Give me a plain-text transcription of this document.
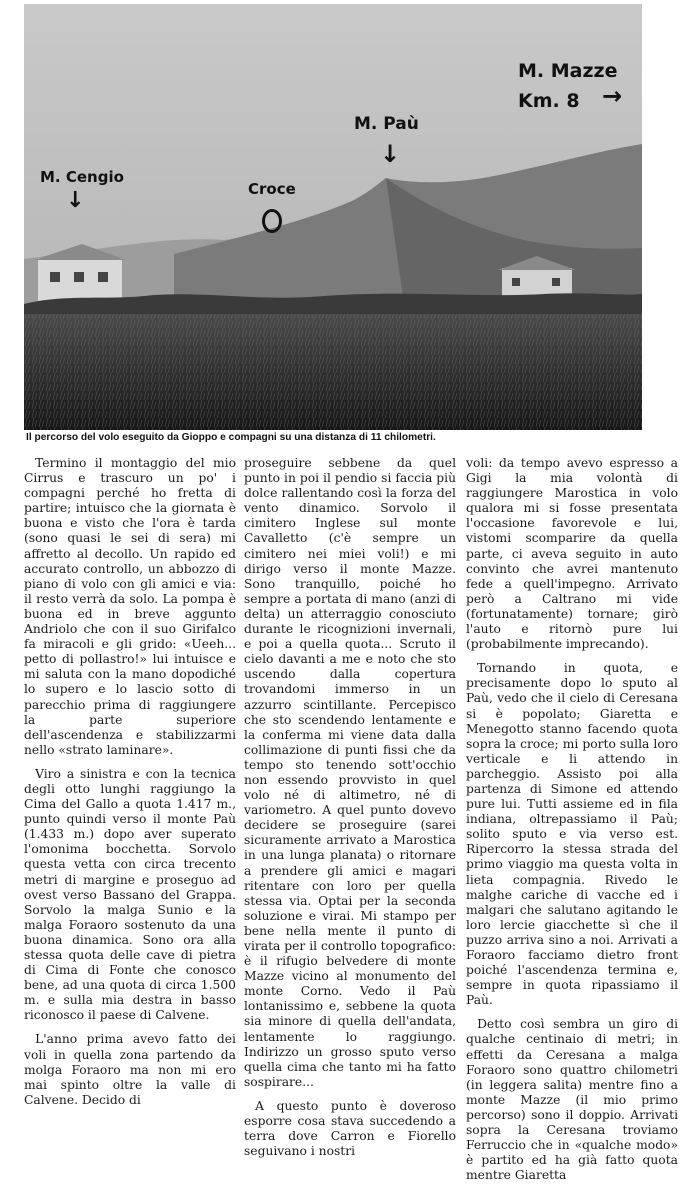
M. Cengio
↓	Croce
M. Paù
↓
M. Mazze
Km. 8 →
Il percorso del volo eseguito da Gioppo e compagni su una distanza di 11 chilometri.

Termino il montaggio del mio Cirrus e trascuro un po' i compagni perché ho fretta di partire; intuisco che la giornata è buona e visto che l'ora è tarda (sono quasi le sei di sera) mi affretto al decollo. Un rapido ed accurato controllo, un abbozzo di piano di volo con gli amici e via: il resto verrà da solo. La pompa è buona ed in breve aggunto Andriolo che con il suo Girifalco fa miracoli e gli grido: «Ueeh... petto di pollastro!» lui intuisce e mi saluta con la mano dopodiché lo supero e lo lascio sotto di parecchio prima di raggiungere la parte superiore dell'ascendenza e stabilizzarmi nello «strato laminare».

Viro a sinistra e con la tecnica degli otto lunghi raggiungo la Cima del Gallo a quota 1.417 m., punto quindi verso il monte Paù (1.433 m.) dopo aver superato l'omonima bocchetta. Sorvolo questa vetta con circa trecento metri di margine e proseguo ad ovest verso Bassano del Grappa. Sorvolo la malga Sunio e la malga Foraoro sostenuto da una buona dinamica. Sono ora alla stessa quota delle cave di pietra di Cima di Fonte che conosco bene, ad una quota di circa 1.500 m. e sulla mia destra in basso riconosco il paese di Calvene.

L'anno prima avevo fatto dei voli in quella zona partendo da molga Foraoro ma non mi ero mai spinto oltre la valle di Calvene. Decido di

proseguire sebbene da quel punto in poi il pendio si faccia più dolce rallentando così la forza del vento dinamico. Sorvolo il cimitero Inglese sul monte Cavalletto (c'è sempre un cimitero nei miei voli!) e mi dirigo verso il monte Mazze. Sono tranquillo, poiché ho sempre a portata di mano (anzi di delta) un atterraggio conosciuto durante le ricognizioni invernali, e poi a quella quota... Scruto il cielo davanti a me e noto che sto uscendo dalla copertura trovandomi immerso in un azzurro scintillante. Percepisco che sto scendendo lentamente e la conferma mi viene data dalla collimazione di punti fissi che da tempo sto tenendo sott'occhio non essendo provvisto in quel volo né di altimetro, né di variometro. A quel punto dovevo decidere se proseguire (sarei sicuramente arrivato a Marostica in una lunga planata) o ritornare a prendere gli amici e magari ritentare con loro per quella stessa via. Optai per la seconda soluzione e virai. Mi stampo per bene nella mente il punto di virata per il controllo topografico: è il rifugio belvedere di monte Mazze vicino al monumento del monte Corno. Vedo il Paù lontanissimo e, sebbene la quota sia minore di quella dell'andata, lentamente lo raggiungo. Indirizzo un grosso sputo verso quella cima che tanto mi ha fatto sospirare...

A questo punto è doveroso esporre cosa stava succedendo a terra dove Carron e Fiorello seguivano i nostri

voli: da tempo avevo espresso a Gigi la mia volontà di raggiungere Marostica in volo qualora mi si fosse presentata l'occasione favorevole e lui, vistomi scomparire da quella parte, ci aveva seguito in auto convinto che avrei mantenuto fede a quell'impegno. Arrivato però a Caltrano mi vide (fortunatamente) tornare; girò l'auto e ritornò pure lui (probabilmente imprecando).

Tornando in quota, e precisamente dopo lo sputo al Paù, vedo che il cielo di Ceresana si è popolato; Giaretta e Menegotto stanno facendo quota sopra la croce; mi porto sulla loro verticale e li attendo in parcheggio. Assisto poi alla partenza di Simone ed attendo pure lui. Tutti assieme ed in fila indiana, oltrepassiamo il Paù; solito sputo e via verso est. Ripercorro la stessa strada del primo viaggio ma questa volta in lieta compagnia. Rivedo le malghe cariche di vacche ed i malgari che salutano agitando le loro lercie giacchette sì che il puzzo arriva sino a noi. Arrivati a Foraoro facciamo dietro front poiché l'ascendenza termina e, sempre in quota ripassiamo il Paù.

Detto così sembra un giro di qualche centinaio di metri; in effetti da Ceresana a malga Foraoro sono quattro chilometri (in leggera salita) mentre fino a monte Mazze (il mio primo percorso) sono il doppio. Arrivati sopra la Ceresana troviamo Ferruccio che in «qualche modo» è partito ed ha già fatto quota mentre Giaretta
